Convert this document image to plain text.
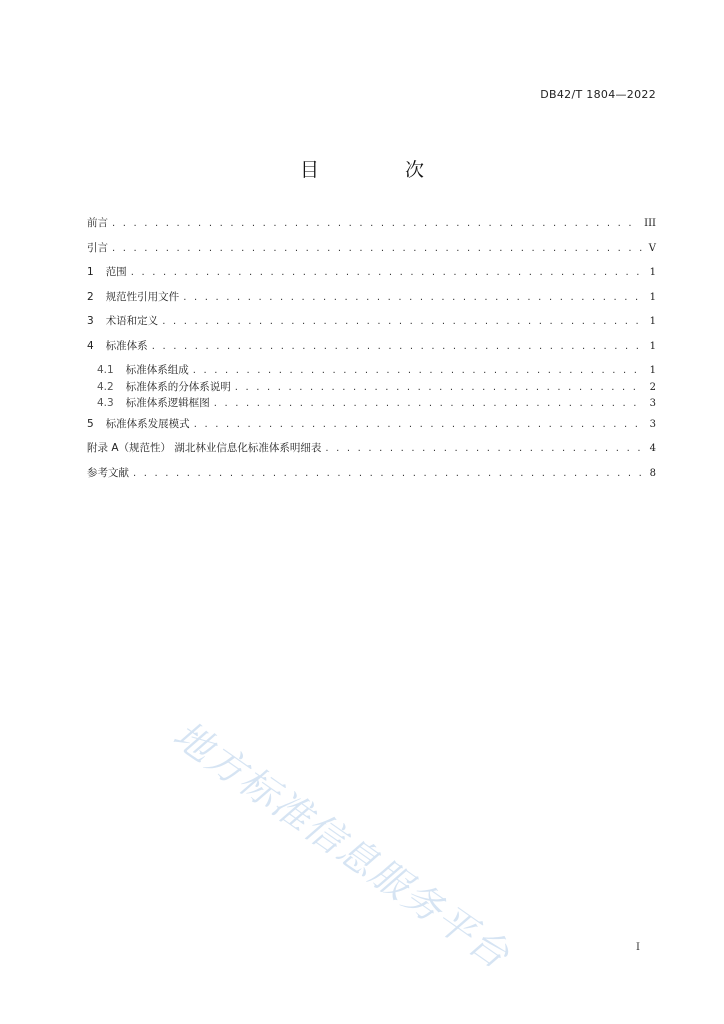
DB42/T 1804—2022
目 次
前言 . . .	III
引言 . . .	V
1 范围 . . .	1
2 规范性引用文件 . . .	1
3 术语和定义 . . .	1
4 标准体系 . . .	1
4.1 标准体系组成 . . .	1
4.2 标准体系的分体系说明 . . .	2
4.3 标准体系逻辑框图 . . .	3
5 标准体系发展模式 . . .	3
附录 A（规范性） 湖北林业信息化标准体系明细表 . . .	4
参考文献 . . .	8
地方标准信息服务平台	I
